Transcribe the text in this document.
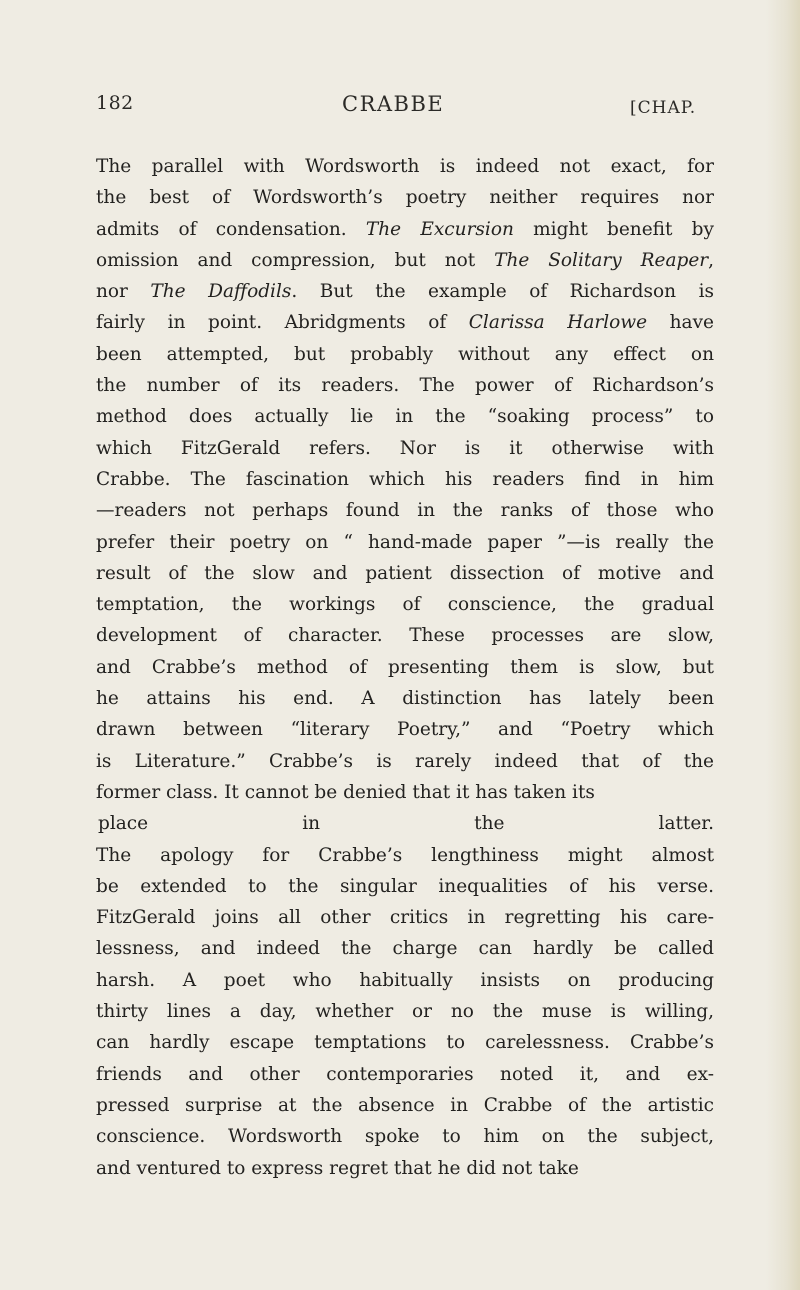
182	CRABBE	[CHAP.
The parallel with Wordsworth is indeed not exact, for
the best of Wordsworth’s poetry neither requires nor
admits of condensation. The Excursion might benefit by
omission and compression, but not The Solitary Reaper,
nor The Daffodils. But the example of Richardson is
fairly in point. Abridgments of Clarissa Harlowe have
been attempted, but probably without any effect on
the number of its readers. The power of Richardson’s
method does actually lie in the “soaking process” to
which FitzGerald refers. Nor is it otherwise with
Crabbe. The fascination which his readers find in him
—readers not perhaps found in the ranks of those who
prefer their poetry on “ hand-made paper ”—is really the
result of the slow and patient dissection of motive and
temptation, the workings of conscience, the gradual
development of character. These processes are slow,
and Crabbe’s method of presenting them is slow, but
he attains his end. A distinction has lately been
drawn between “literary Poetry,” and “Poetry which
is Literature.” Crabbe’s is rarely indeed that of the
former class. It cannot be denied that it has taken its
place in the latter.
The apology for Crabbe’s lengthiness might almost
be extended to the singular inequalities of his verse.
FitzGerald joins all other critics in regretting his care-
lessness, and indeed the charge can hardly be called
harsh. A poet who habitually insists on producing
thirty lines a day, whether or no the muse is willing,
can hardly escape temptations to carelessness. Crabbe’s
friends and other contemporaries noted it, and ex-
pressed surprise at the absence in Crabbe of the artistic
conscience. Wordsworth spoke to him on the subject,
and ventured to express regret that he did not take
